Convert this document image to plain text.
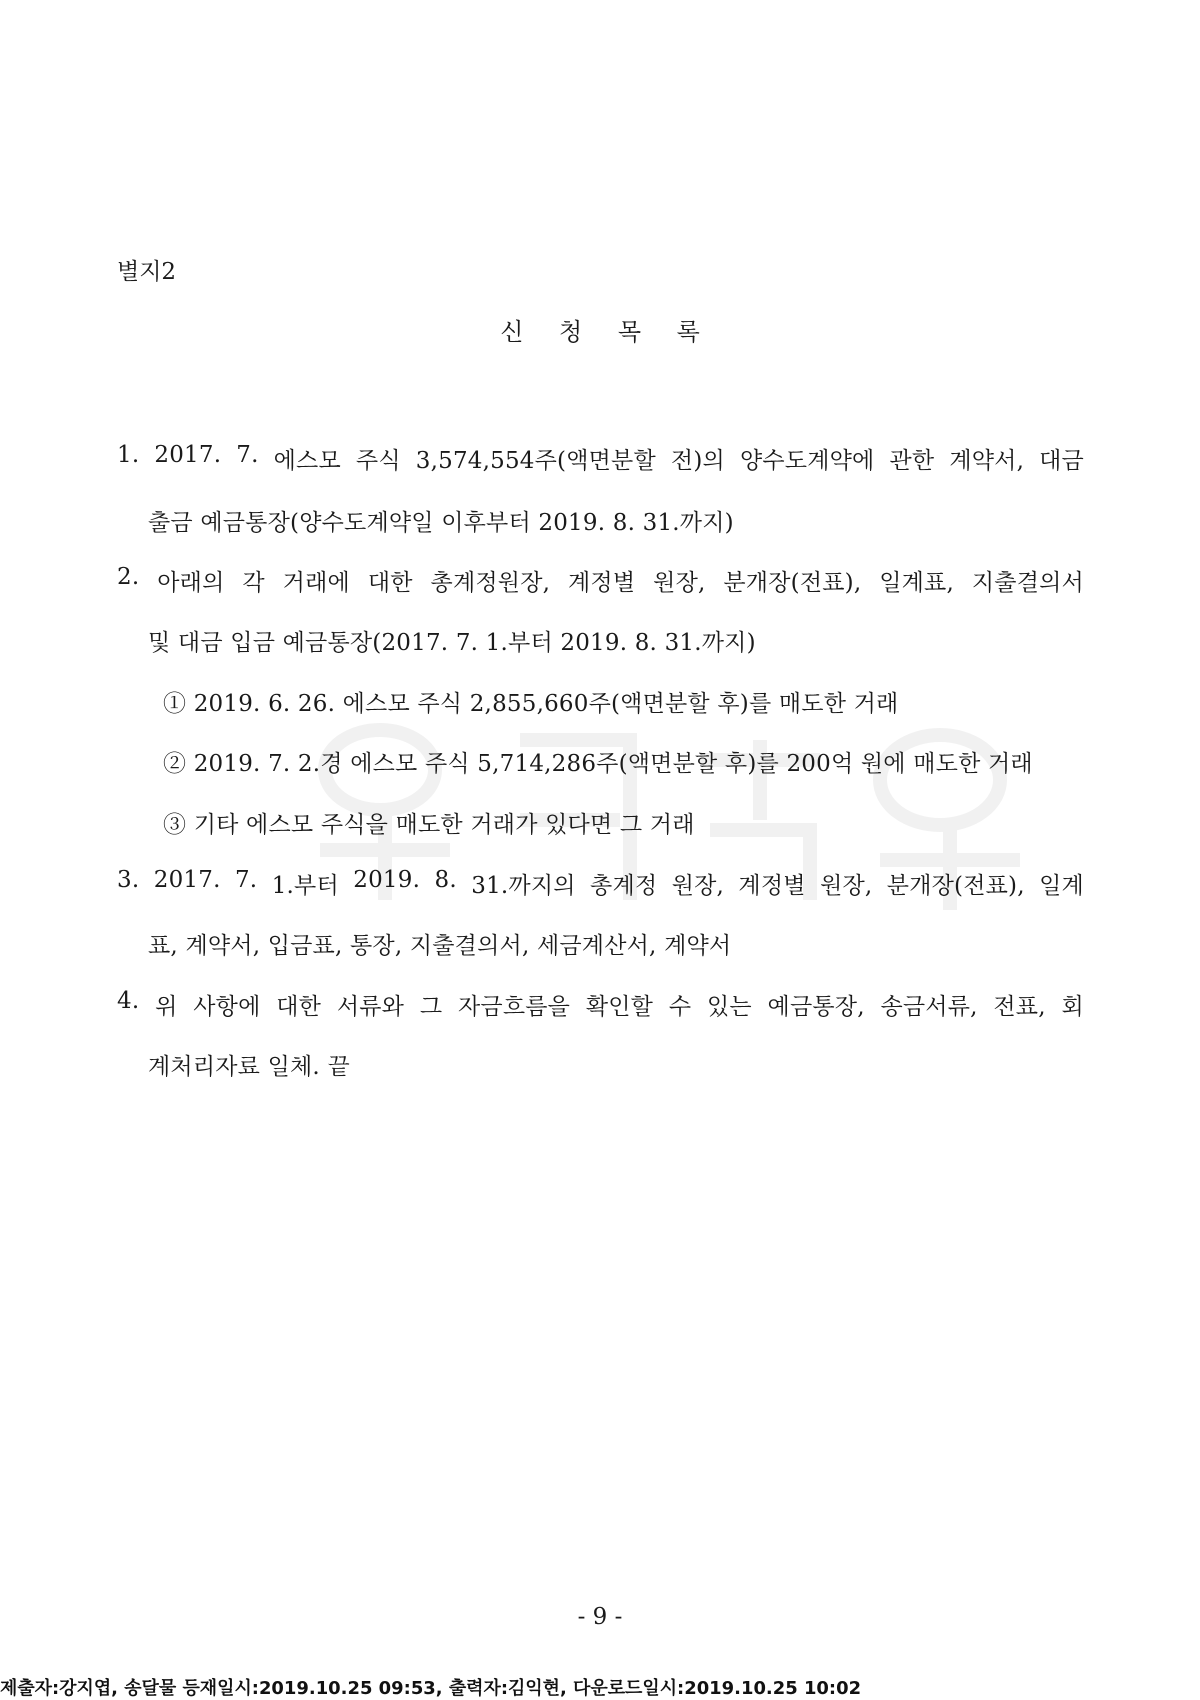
별지2
신 청 목 록
1. 2017. 7. 에스모 주식 3,574,554주(액면분할 전)의 양수도계약에 관한 계약서, 대금
출금 예금통장(양수도계약일 이후부터 2019. 8. 31.까지)
2. 아래의 각 거래에 대한 총계정원장, 계정별 원장, 분개장(전표), 일계표, 지출결의서
및 대금 입금 예금통장(2017. 7. 1.부터 2019. 8. 31.까지)
① 2019. 6. 26. 에스모 주식 2,855,660주(액면분할 후)를 매도한 거래
② 2019. 7. 2.경 에스모 주식 5,714,286주(액면분할 후)를 200억 원에 매도한 거래
③ 기타 에스모 주식을 매도한 거래가 있다면 그 거래
3. 2017. 7. 1.부터 2019. 8. 31.까지의 총계정 원장, 계정별 원장, 분개장(전표), 일계
표, 계약서, 입금표, 통장, 지출결의서, 세금계산서, 계약서
4. 위 사항에 대한 서류와 그 자금흐름을 확인할 수 있는 예금통장, 송금서류, 전표, 회
계처리자료 일체. 끝
- 9 -
제출자:강지엽, 송달물 등재일시:2019.10.25 09:53, 출력자:김익현, 다운로드일시:2019.10.25 10:02
